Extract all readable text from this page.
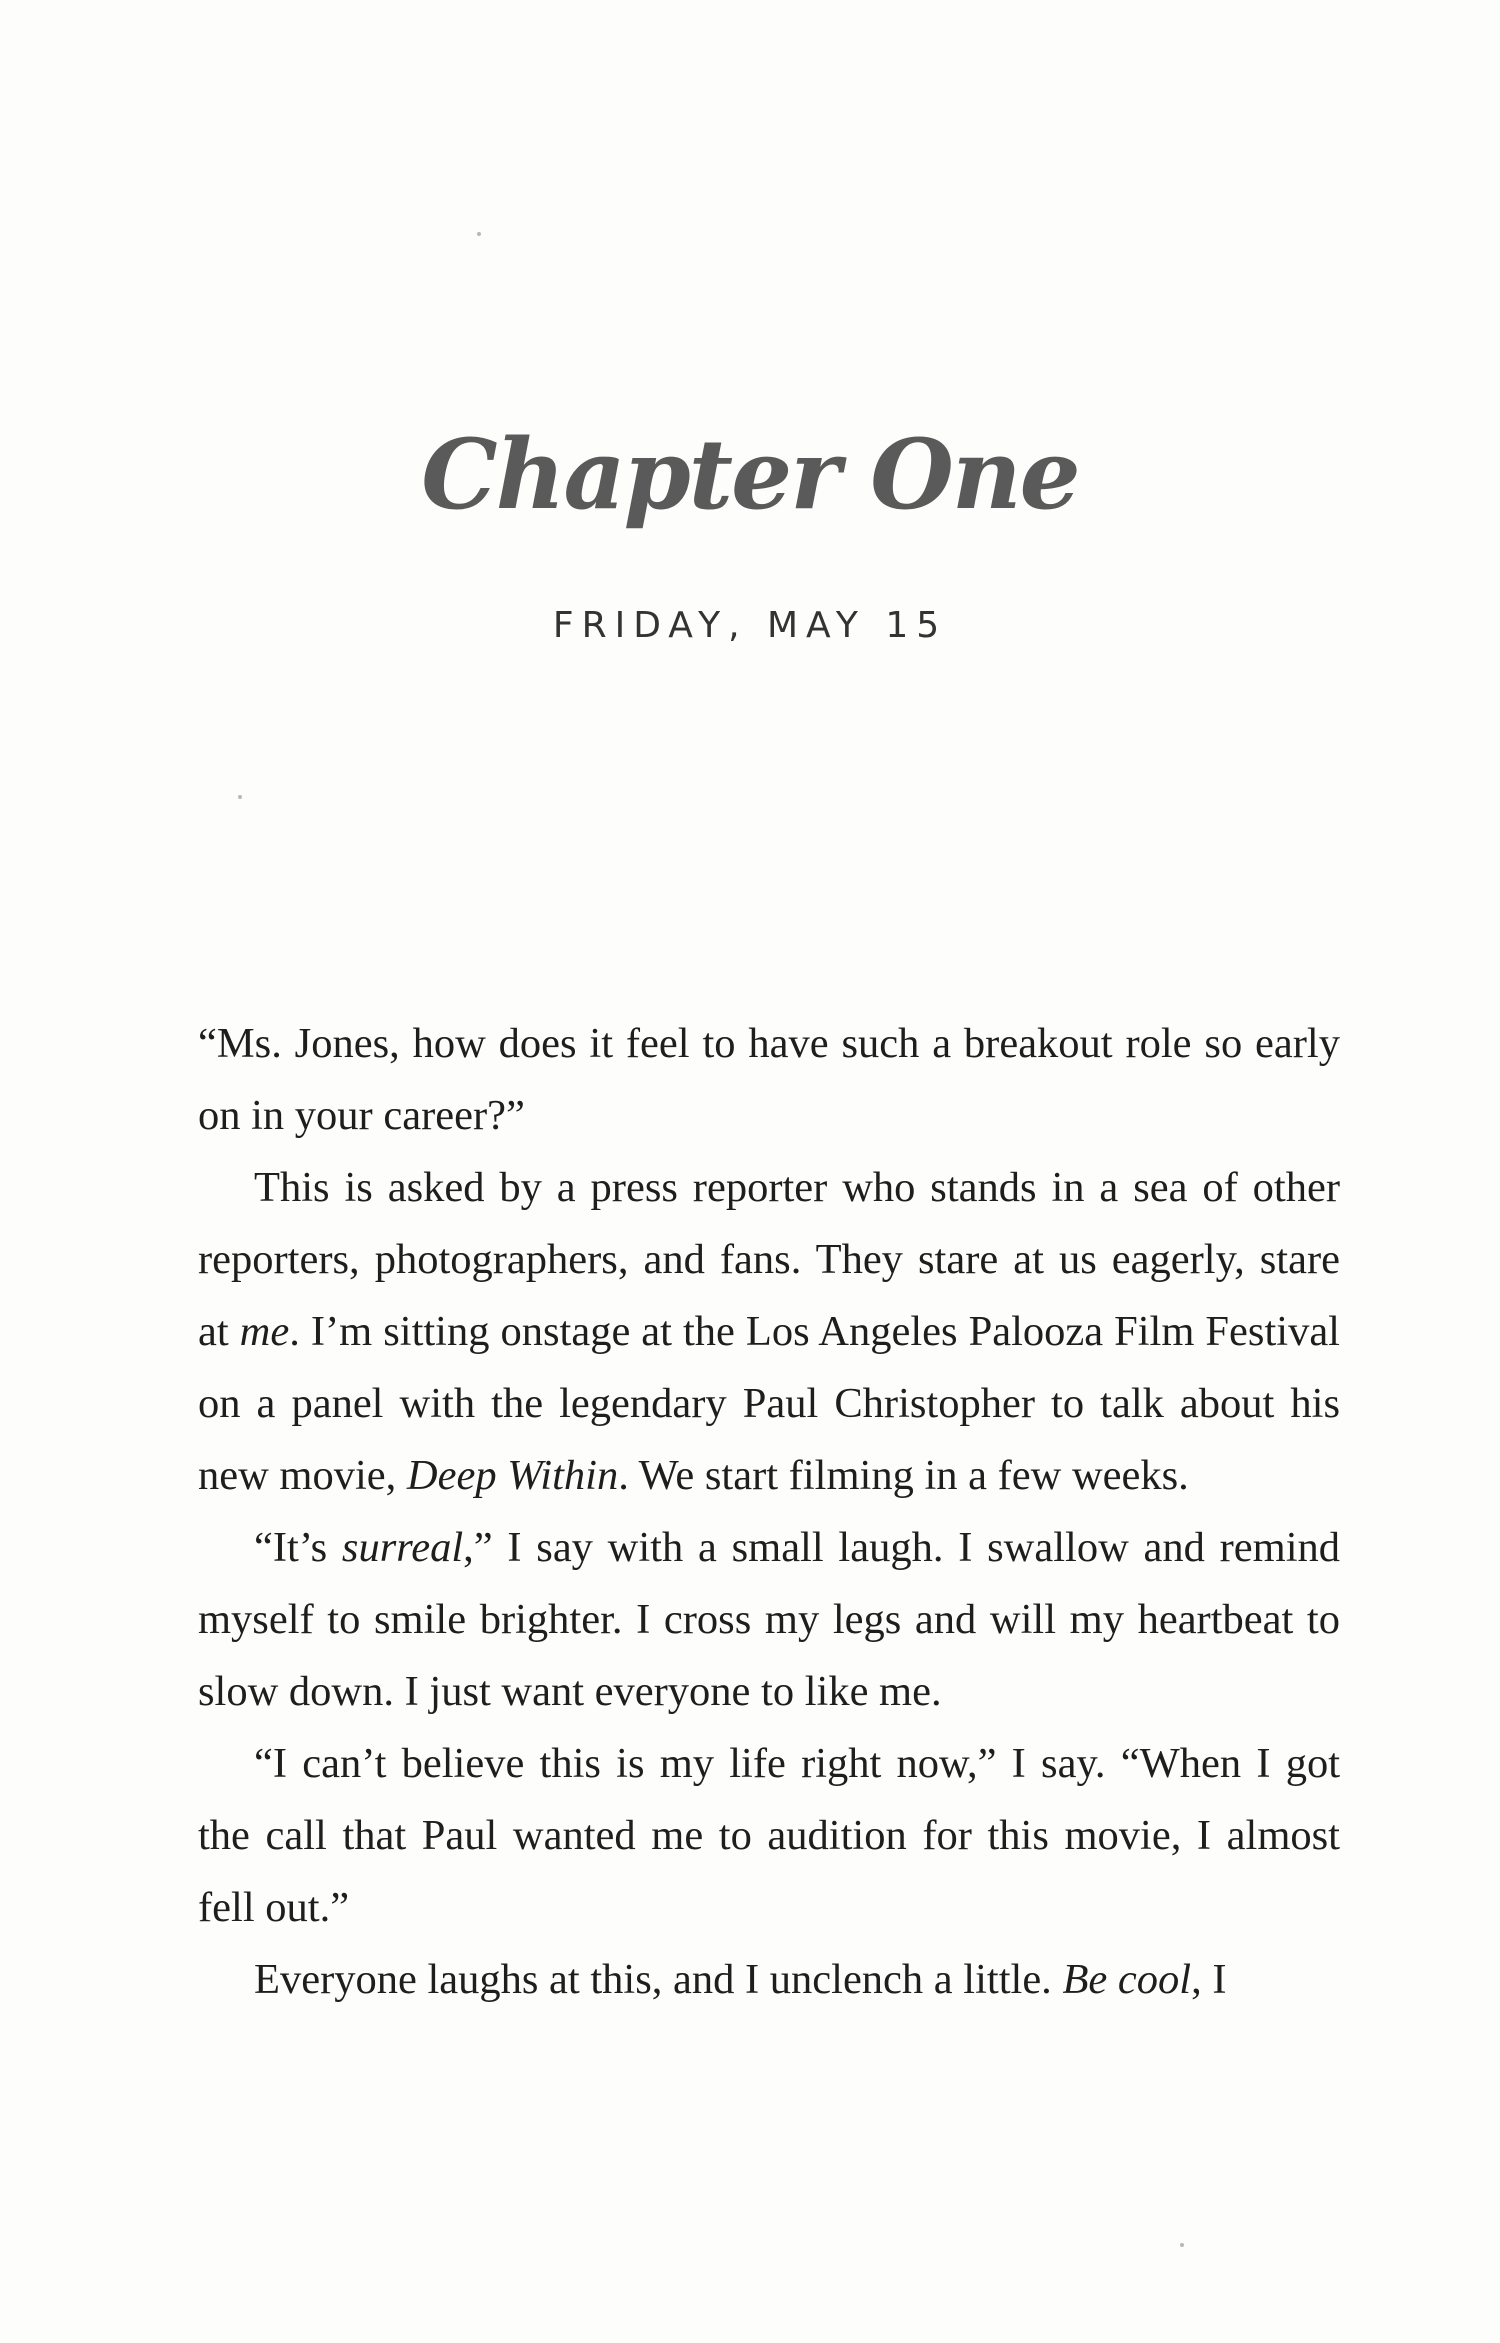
Chapter One
FRIDAY, MAY 15

“Ms. Jones, how does it feel to have such a breakout role so early on in your career?”

This is asked by a press reporter who stands in a sea of other reporters, photographers, and fans. They stare at us eagerly, stare at me. I’m sitting onstage at the Los Angeles Palooza Film Festival on a panel with the legendary Paul Christopher to talk about his new movie, Deep Within. We start filming in a few weeks.

“It’s surreal,” I say with a small laugh. I swallow and remind myself to smile brighter. I cross my legs and will my heartbeat to slow down. I just want everyone to like me.

“I can’t believe this is my life right now,” I say. “When I got the call that Paul wanted me to audition for this movie, I almost fell out.”

Everyone laughs at this, and I unclench a little. Be cool, I
